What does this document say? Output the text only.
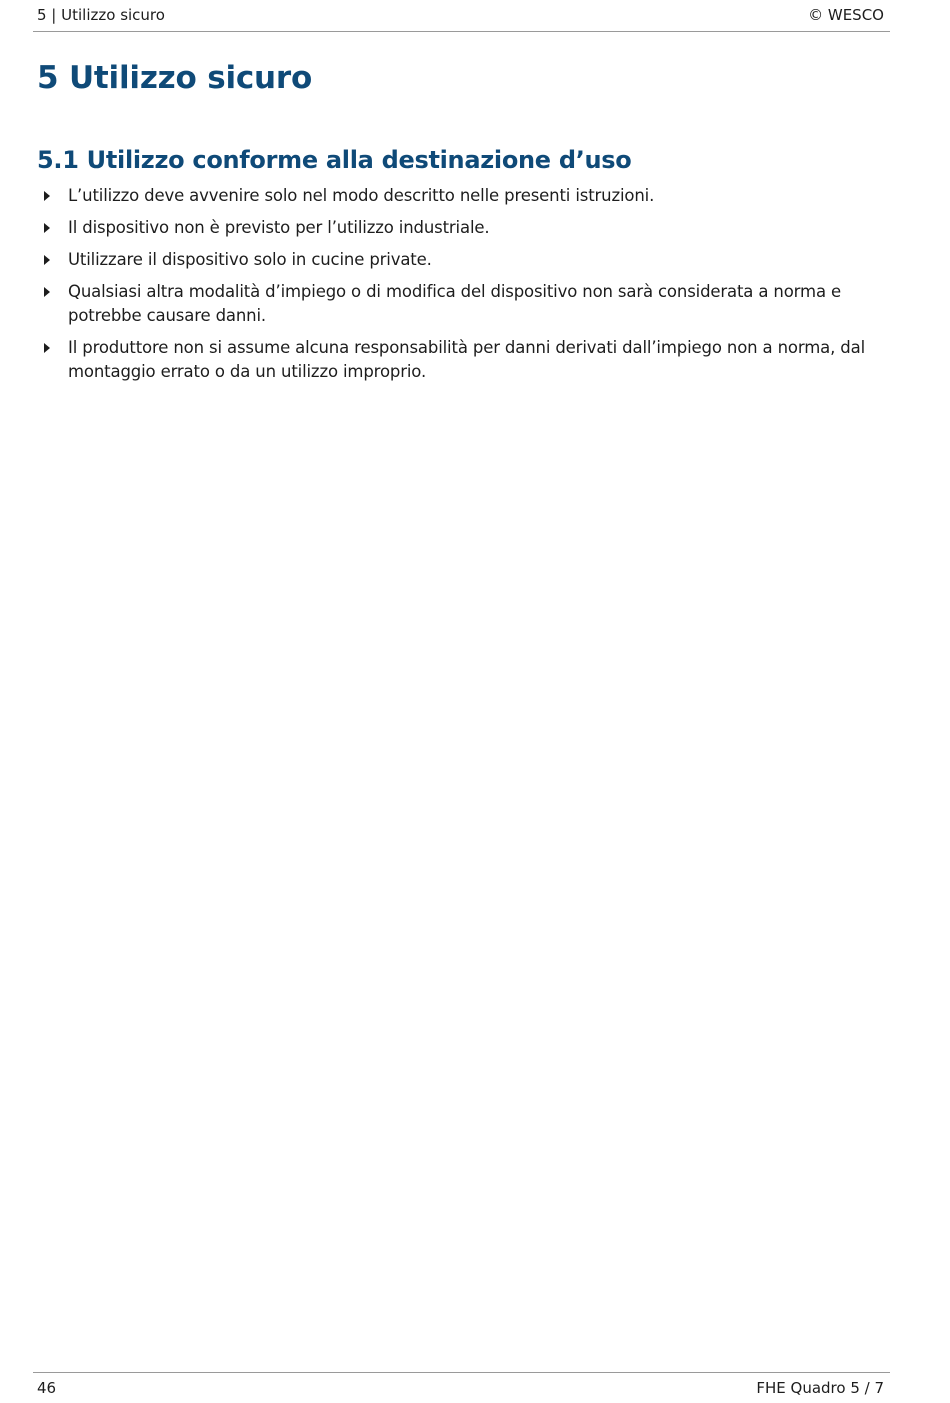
5 | Utilizzo sicuro	© WESCO
5 Utilizzo sicuro
5.1 Utilizzo conforme alla destinazione d’uso
L’utilizzo deve avvenire solo nel modo descritto nelle presenti istruzioni.
Il dispositivo non è previsto per l’utilizzo industriale.
Utilizzare il dispositivo solo in cucine private.
Qualsiasi altra modalità d’impiego o di modifica del dispositivo non sarà considerata a norma e potrebbe causare danni.
Il produttore non si assume alcuna responsabilità per danni derivati dall’impiego non a norma, dal montaggio errato o da un utilizzo improprio.
46	FHE Quadro 5 / 7
